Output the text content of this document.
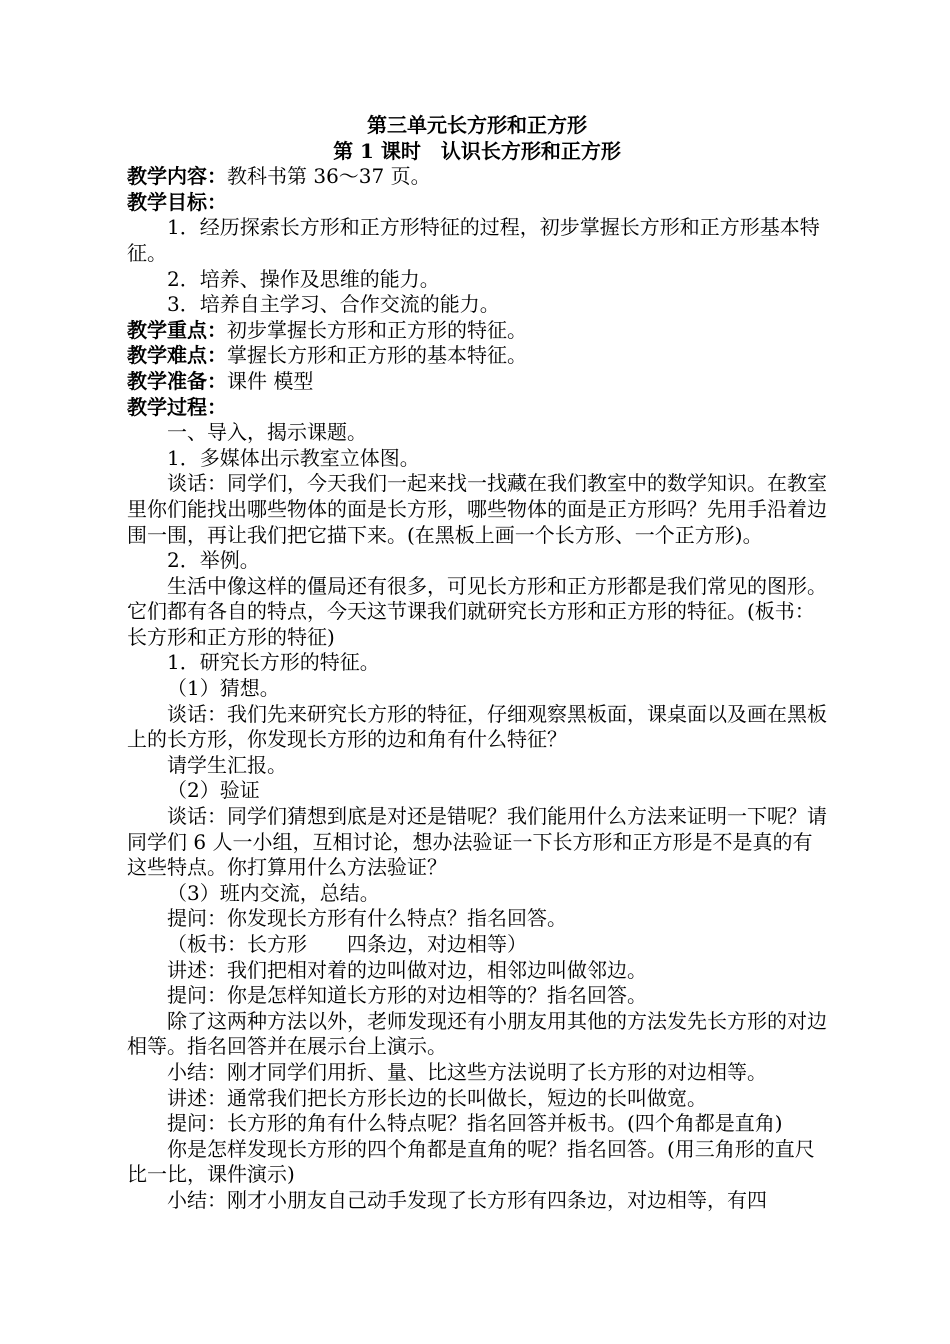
第三单元长方形和正方形

第 1 课时　认识长方形和正方形

教学内容：教科书第 36～37 页。

教学目标：

1．经历探索长方形和正方形特征的过程，初步掌握长方形和正方形基本特征。

2．培养、操作及思维的能力。

3．培养自主学习、合作交流的能力。

教学重点：初步掌握长方形和正方形的特征。

教学难点：掌握长方形和正方形的基本特征。

教学准备：课件 模型

教学过程：

一、导入，揭示课题。

1．多媒体出示教室立体图。

谈话：同学们，今天我们一起来找一找藏在我们教室中的数学知识。在教室里你们能找出哪些物体的面是长方形，哪些物体的面是正方形吗？先用手沿着边围一围，再让我们把它描下来。(在黑板上画一个长方形、一个正方形)。

2．举例。

生活中像这样的僵局还有很多，可见长方形和正方形都是我们常见的图形。它们都有各自的特点，今天这节课我们就研究长方形和正方形的特征。(板书：长方形和正方形的特征)

1．研究长方形的特征。

（1）猜想。

谈话：我们先来研究长方形的特征，仔细观察黑板面，课桌面以及画在黑板上的长方形，你发现长方形的边和角有什么特征？

请学生汇报。

（2）验证

谈话：同学们猜想到底是对还是错呢？我们能用什么方法来证明一下呢？请同学们 6 人一小组，互相讨论，想办法验证一下长方形和正方形是不是真的有这些特点。你打算用什么方法验证？

（3）班内交流，总结。

提问：你发现长方形有什么特点？指名回答。

（板书：长方形　　四条边，对边相等）

讲述：我们把相对着的边叫做对边，相邻边叫做邻边。

提问：你是怎样知道长方形的对边相等的？指名回答。

除了这两种方法以外，老师发现还有小朋友用其他的方法发先长方形的对边相等。指名回答并在展示台上演示。

小结：刚才同学们用折、量、比这些方法说明了长方形的对边相等。

讲述：通常我们把长方形长边的长叫做长，短边的长叫做宽。

提问：长方形的角有什么特点呢？指名回答并板书。(四个角都是直角)

你是怎样发现长方形的四个角都是直角的呢？指名回答。(用三角形的直尺比一比，课件演示)

小结：刚才小朋友自己动手发现了长方形有四条边，对边相等，有四
